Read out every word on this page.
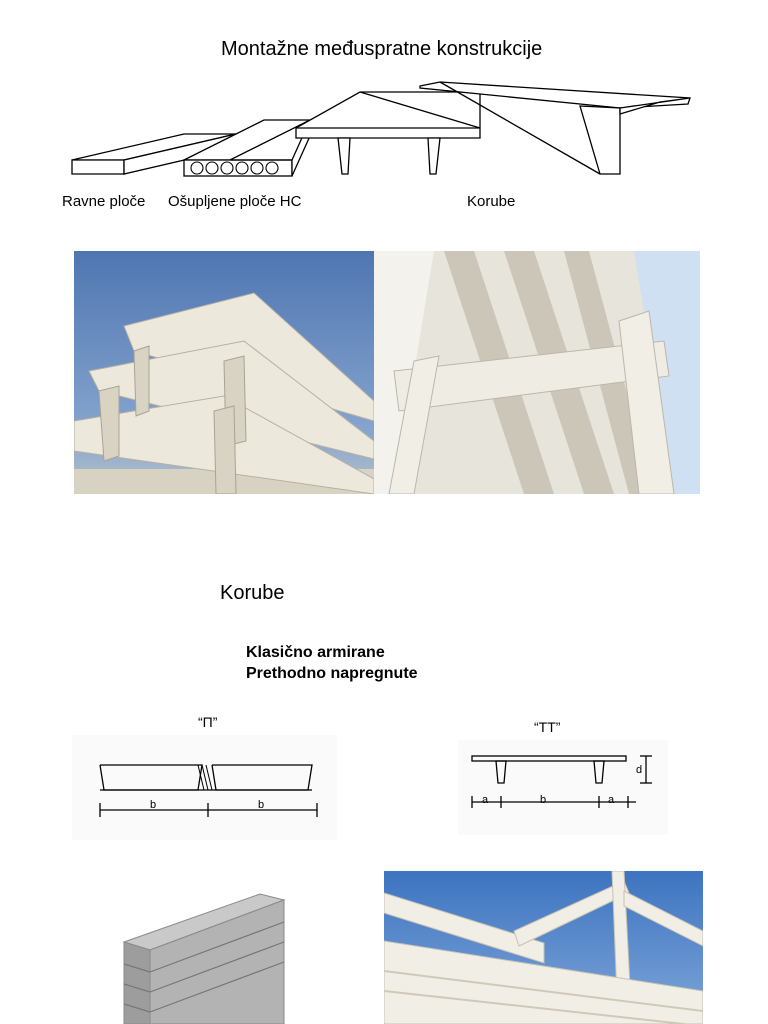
Montažne međuspratne konstrukcije
Ravne ploče Ošupljene ploče HC	Korube
Korube
Klasično armirane
Prethodno napregnute
“П”
b	b
“TT”
a	b	a
d
